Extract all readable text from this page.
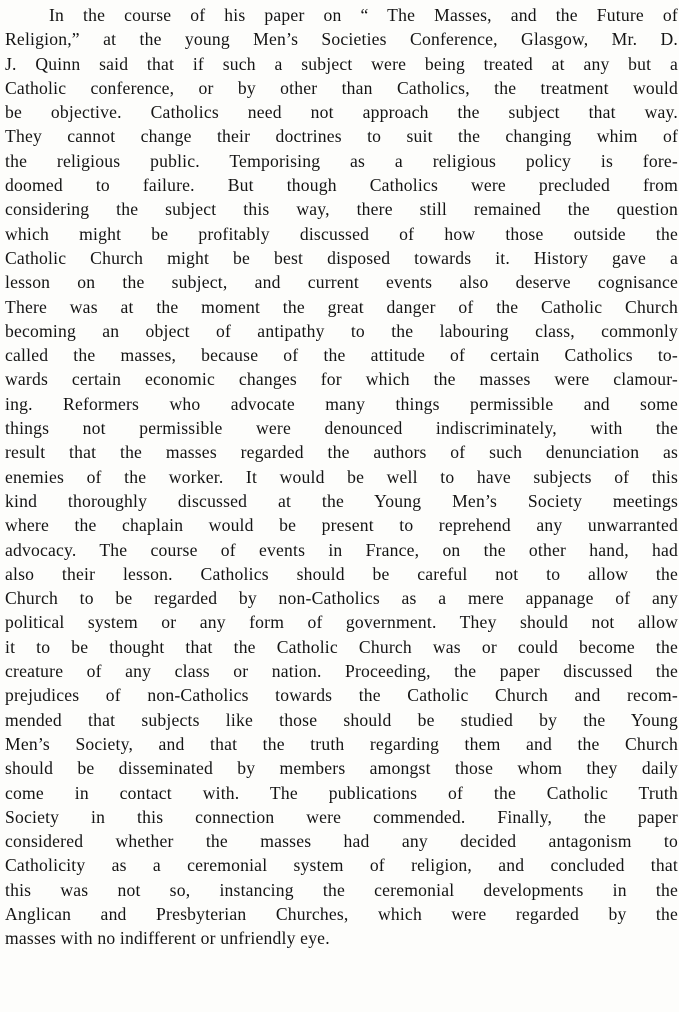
In the course of his paper on “ The Masses, and the Future of
Religion,” at the young Men’s Societies Conference, Glasgow, Mr. D.
J. Quinn said that if such a subject were being treated at any but a
Catholic conference, or by other than Catholics, the treatment would
be objective. Catholics need not approach the subject that way.
They cannot change their doctrines to suit the changing whim of
the religious public. Temporising as a religious policy is fore-
doomed to failure. But though Catholics were precluded from
considering the subject this way, there still remained the question
which might be profitably discussed of how those outside the
Catholic Church might be best disposed towards it. History gave a
lesson on the subject, and current events also deserve cognisance
There was at the moment the great danger of the Catholic Church
becoming an object of antipathy to the labouring class, commonly
called the masses, because of the attitude of certain Catholics to-
wards certain economic changes for which the masses were clamour-
ing. Reformers who advocate many things permissible and some
things not permissible were denounced indiscriminately, with the
result that the masses regarded the authors of such denunciation as
enemies of the worker. It would be well to have subjects of this
kind thoroughly discussed at the Young Men’s Society meetings
where the chaplain would be present to reprehend any unwarranted
advocacy. The course of events in France, on the other hand, had
also their lesson. Catholics should be careful not to allow the
Church to be regarded by non-Catholics as a mere appanage of any
political system or any form of government. They should not allow
it to be thought that the Catholic Church was or could become the
creature of any class or nation. Proceeding, the paper discussed the
prejudices of non-Catholics towards the Catholic Church and recom-
mended that subjects like those should be studied by the Young
Men’s Society, and that the truth regarding them and the Church
should be disseminated by members amongst those whom they daily
come in contact with. The publications of the Catholic Truth
Society in this connection were commended. Finally, the paper
considered whether the masses had any decided antagonism to
Catholicity as a ceremonial system of religion, and concluded that
this was not so, instancing the ceremonial developments in the
Anglican and Presbyterian Churches, which were regarded by the
masses with no indifferent or unfriendly eye.
